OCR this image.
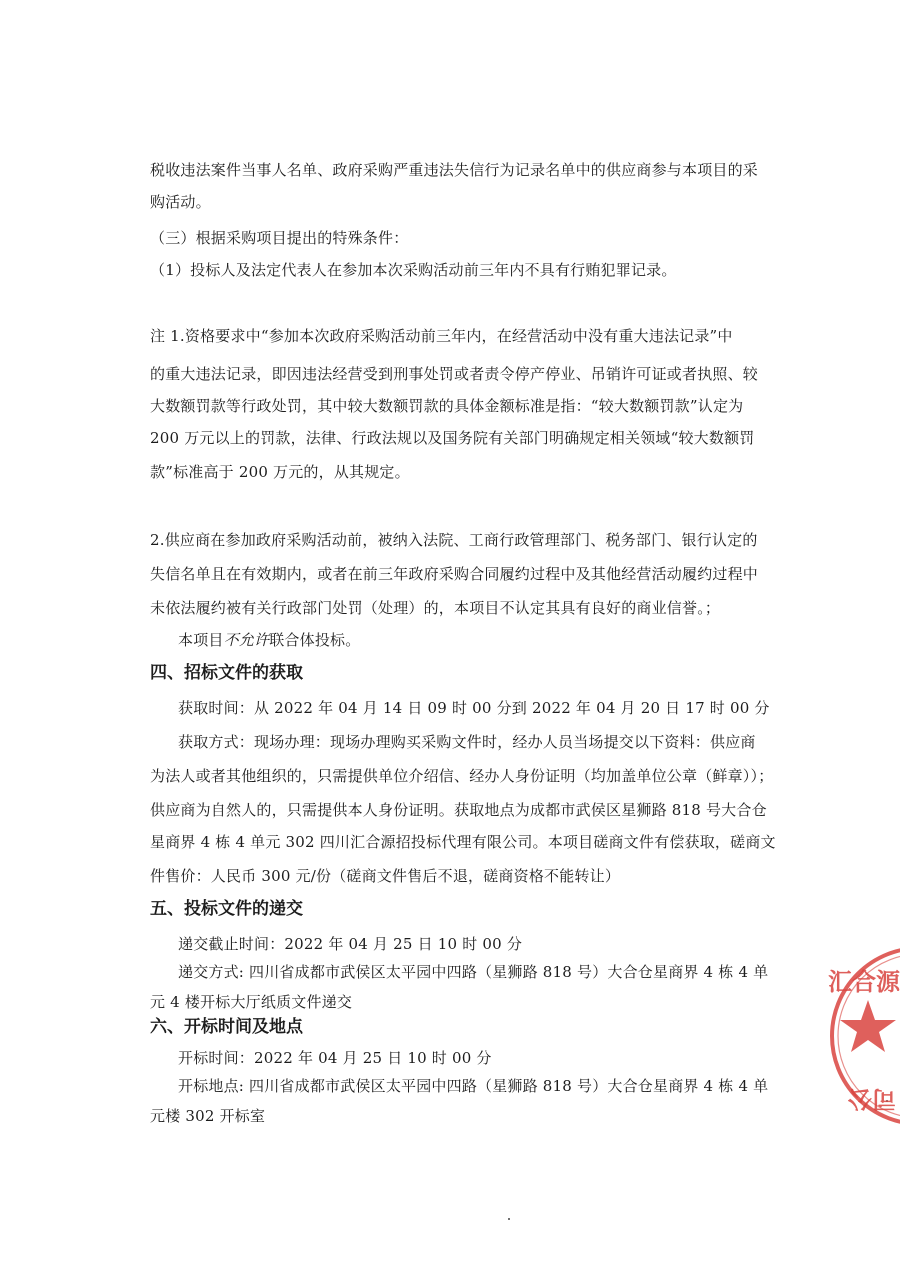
税收违法案件当事人名单、政府采购严重违法失信行为记录名单中的供应商参与本项目的采
购活动。
（三）根据采购项目提出的特殊条件：
（1）投标人及法定代表人在参加本次采购活动前三年内不具有行贿犯罪记录。
注 1.资格要求中“参加本次政府采购活动前三年内，在经营活动中没有重大违法记录”中
的重大违法记录，即因违法经营受到刑事处罚或者责令停产停业、吊销许可证或者执照、较
大数额罚款等行政处罚，其中较大数额罚款的具体金额标准是指：“较大数额罚款”认定为
200 万元以上的罚款，法律、行政法规以及国务院有关部门明确规定相关领域“较大数额罚
款”标准高于 200 万元的，从其规定。
2.供应商在参加政府采购活动前，被纳入法院、工商行政管理部门、税务部门、银行认定的
失信名单且在有效期内，或者在前三年政府采购合同履约过程中及其他经营活动履约过程中
未依法履约被有关行政部门处罚（处理）的，本项目不认定其具有良好的商业信誉。；
本项目不允许联合体投标。
四、招标文件的获取
获取时间：从 2022 年 04 月 14 日 09 时 00 分到 2022 年 04 月 20 日 17 时 00 分
获取方式：现场办理：现场办理购买采购文件时，经办人员当场提交以下资料：供应商
为法人或者其他组织的，只需提供单位介绍信、经办人身份证明（均加盖单位公章（鲜章））；
供应商为自然人的，只需提供本人身份证明。获取地点为成都市武侯区星狮路 818 号大合仓
星商界 4 栋 4 单元 302 四川汇合源招投标代理有限公司。本项目磋商文件有偿获取，磋商文
件售价：人民币 300 元/份（磋商文件售后不退，磋商资格不能转让）
五、投标文件的递交
递交截止时间：2022 年 04 月 25 日 10 时 00 分
递交方式: 四川省成都市武侯区太平园中四路（星狮路 818 号）大合仓星商界 4 栋 4 单
元 4 楼开标大厅纸质文件递交
六、开标时间及地点
开标时间：2022 年 04 月 25 日 10 时 00 分
开标地点: 四川省成都市武侯区太平园中四路（星狮路 818 号）大合仓星商界 4 栋 4 单
元楼 302 开标室
汇合源
司公
